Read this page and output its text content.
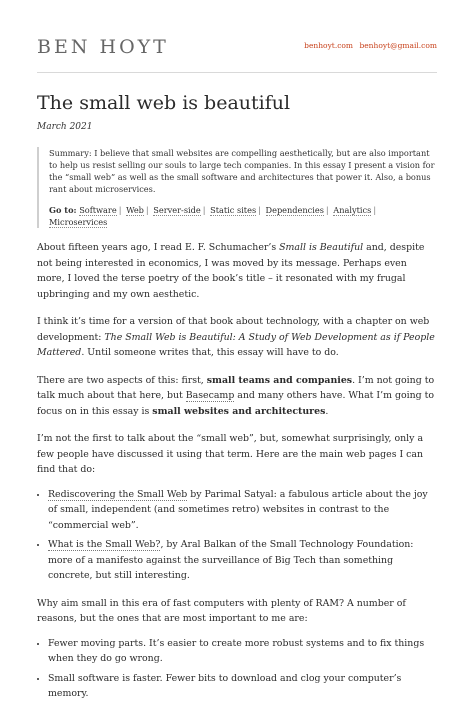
BEN HOYT	benhoyt.com benhoyt@gmail.com
The small web is beautiful
March 2021

Summary: I believe that small websites are compelling aesthetically, but are also important to help us resist selling our souls to large tech companies. In this essay I present a vision for the “small web” as well as the small software and architectures that power it. Also, a bonus rant about microservices.

Go to: Software | Web | Server-side | Static sites | Dependencies | Analytics | Microservices

About fifteen years ago, I read E. F. Schumacher’s Small is Beautiful and, despite not being interested in economics, I was moved by its message. Perhaps even more, I loved the terse poetry of the book’s title – it resonated with my frugal upbringing and my own aesthetic.

I think it’s time for a version of that book about technology, with a chapter on web development: The Small Web is Beautiful: A Study of Web Development as if People Mattered. Until someone writes that, this essay will have to do.

There are two aspects of this: first, small teams and companies. I’m not going to talk much about that here, but Basecamp and many others have. What I’m going to focus on in this essay is small websites and architectures.

I’m not the first to talk about the “small web”, but, somewhat surprisingly, only a few people have discussed it using that term. Here are the main web pages I can find that do:

• Rediscovering the Small Web by Parimal Satyal: a fabulous article about the joy of small, independent (and sometimes retro) websites in contrast to the “commercial web”.
• What is the Small Web?, by Aral Balkan of the Small Technology Foundation: more of a manifesto against the surveillance of Big Tech than something concrete, but still interesting.

Why aim small in this era of fast computers with plenty of RAM? A number of reasons, but the ones that are most important to me are:

• Fewer moving parts. It’s easier to create more robust systems and to fix things when they do go wrong.
• Small software is faster. Fewer bits to download and clog your computer’s memory.
